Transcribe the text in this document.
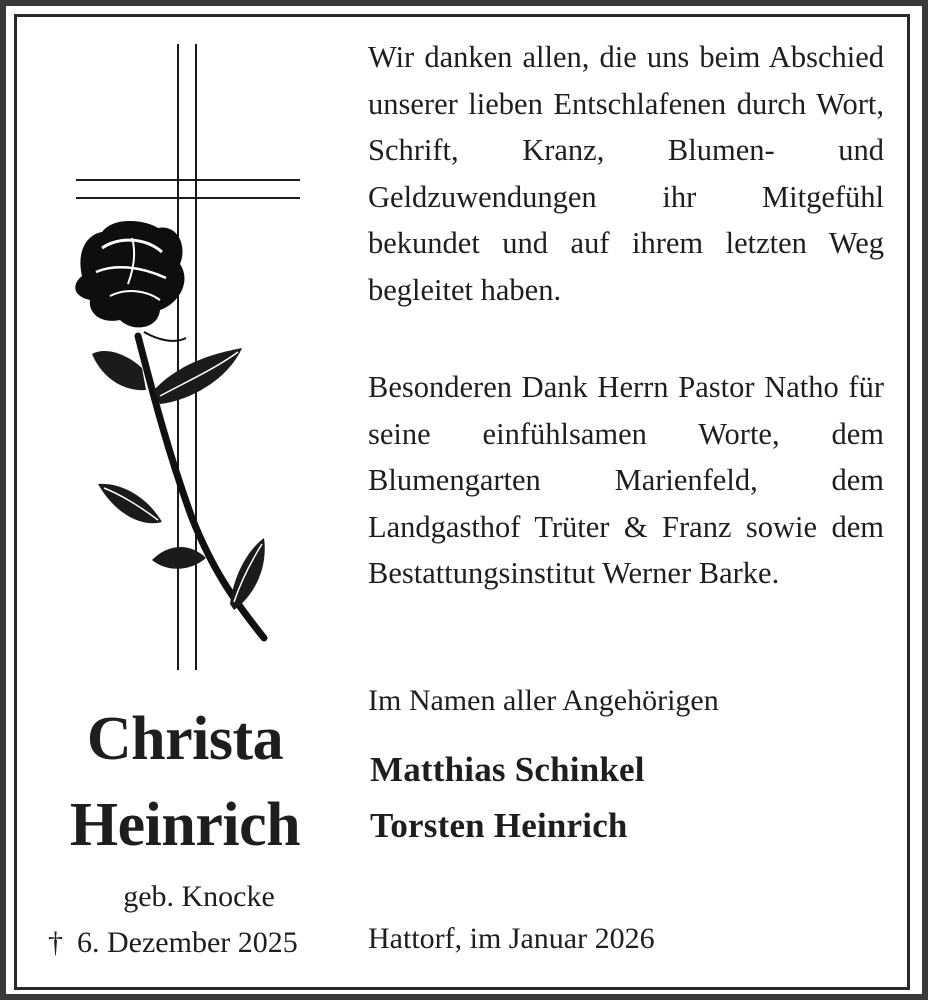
Wir danken allen, die uns beim Abschied unserer lieben Entschlafenen durch Wort, Schrift, Kranz, Blumen- und Geldzuwendungen ihr Mitgefühl bekundet und auf ihrem letzten Weg begleitet haben.

Besonderen Dank Herrn Pastor Natho für seine einfühlsamen Worte, dem Blumengarten Marienfeld, dem Landgasthof Trüter & Franz sowie dem Bestattungsinstitut Werner Barke.

Im Namen aller Angehörigen
Matthias Schinkel
Torsten Heinrich
Hattorf, im Januar 2026
Christa
Heinrich
geb. Knocke
† 6. Dezember 2025
